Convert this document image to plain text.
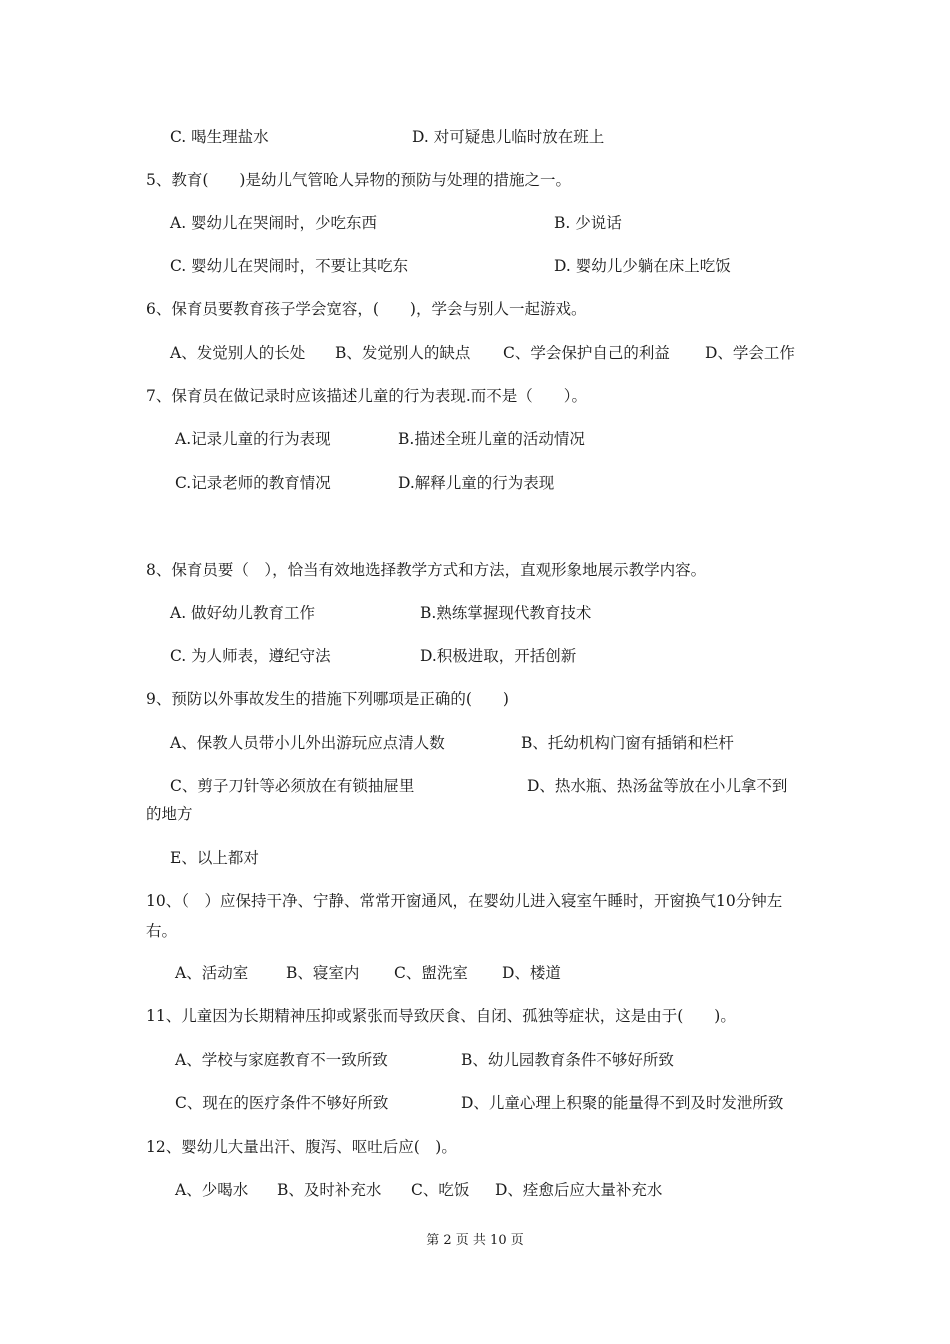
C. 喝生理盐水	D. 对可疑患儿临时放在班上
5、教育(　　)是幼儿气管呛人异物的预防与处理的措施之一。
A. 婴幼儿在哭闹时，少吃东西	B. 少说话
C. 婴幼儿在哭闹时，不要让其吃东	D. 婴幼儿少躺在床上吃饭
6、保育员要教育孩子学会宽容，(　　)，学会与别人一起游戏。
A、发觉别人的长处 B、发觉别人的缺点 C、学会保护自己的利益 D、学会工作
7、保育员在做记录时应该描述儿童的行为表现.而不是（　　）。
A.记录儿童的行为表现	B.描述全班儿童的活动情况
C.记录老师的教育情况	D.解释儿童的行为表现
8、保育员要（　），恰当有效地选择教学方式和方法，直观形象地展示教学内容。
A. 做好幼儿教育工作	B.熟练掌握现代教育技术
C. 为人师表，遵纪守法	D.积极进取，开括创新
9、预防以外事故发生的措施下列哪项是正确的(　　)
A、保教人员带小儿外出游玩应点清人数	B、托幼机构门窗有插销和栏杆
C、剪子刀针等必须放在有锁抽屉里	D、热水瓶、热汤盆等放在小儿拿不到
的地方
E、以上都对
10、（　）应保持干净、宁静、常常开窗通风，在婴幼儿进入寝室午睡时，开窗换气10分钟左右。
A、活动室 B、寝室内 C、盥洗室 D、楼道
11、儿童因为长期精神压抑或紧张而导致厌食、自闭、孤独等症状，这是由于(　　)。
A、学校与家庭教育不一致所致	B、幼儿园教育条件不够好所致
C、现在的医疗条件不够好所致	D、儿童心理上积聚的能量得不到及时发泄所致
12、婴幼儿大量出汗、腹泻、呕吐后应(　)。
A、少喝水 B、及时补充水 C、吃饭 D、痊愈后应大量补充水
第 2 页 共 10 页
